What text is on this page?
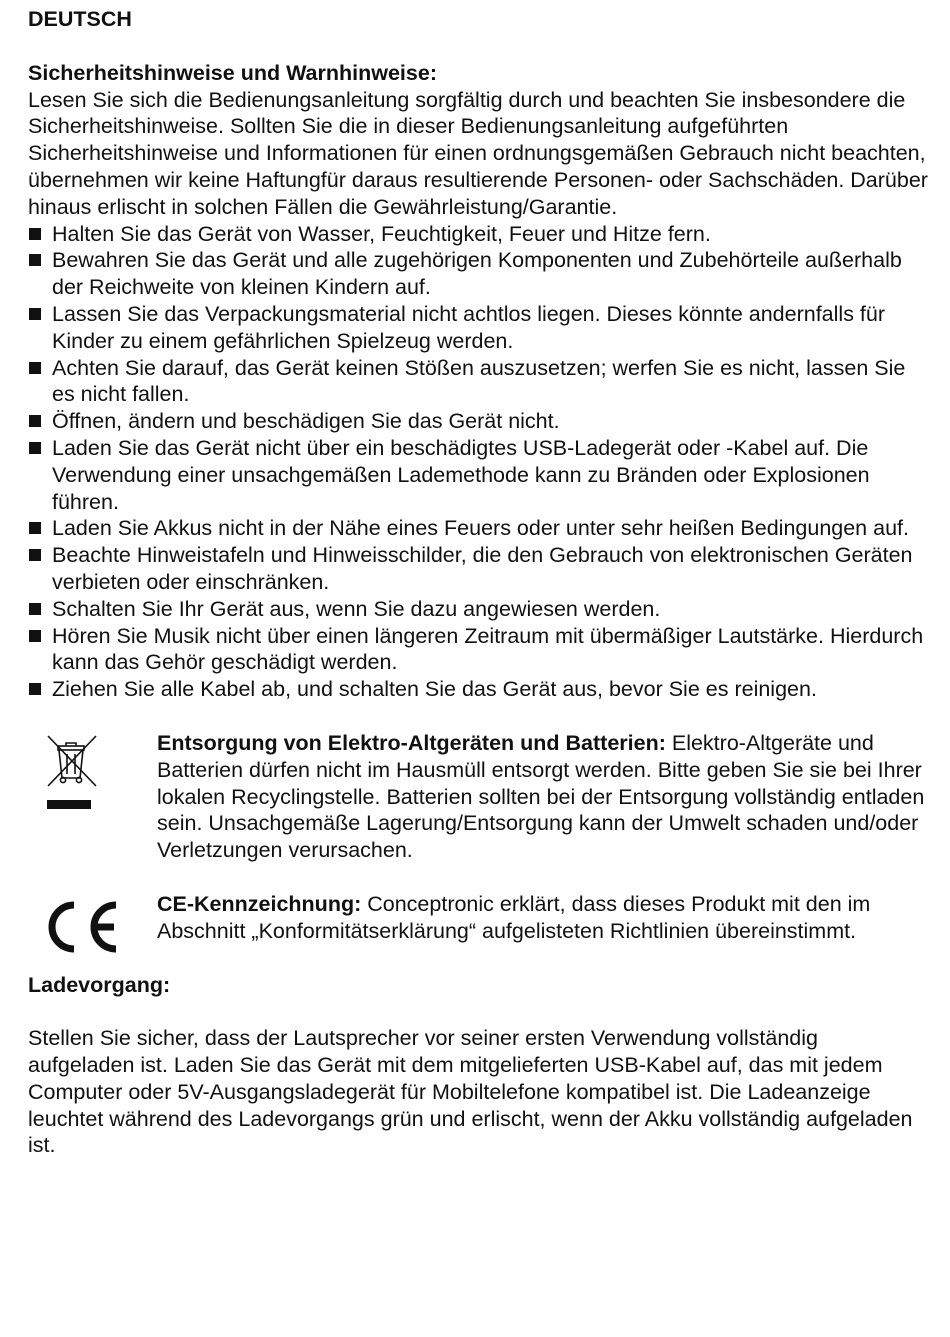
DEUTSCH
Sicherheitshinweise und Warnhinweise:

Lesen Sie sich die Bedienungsanleitung sorgfältig durch und beachten Sie insbesondere die Sicherheitshinweise. Sollten Sie die in dieser Bedienungsanleitung aufgeführten Sicherheitshinweise und Informationen für einen ordnungsgemäßen Gebrauch nicht beachten, übernehmen wir keine Haftungfür daraus resultierende Personen- oder Sachschäden. Darüber hinaus erlischt in solchen Fällen die Gewährleistung/Garantie.

Halten Sie das Gerät von Wasser, Feuchtigkeit, Feuer und Hitze fern.
Bewahren Sie das Gerät und alle zugehörigen Komponenten und Zubehörteile außerhalb der Reichweite von kleinen Kindern auf.
Lassen Sie das Verpackungsmaterial nicht achtlos liegen. Dieses könnte andernfalls für Kinder zu einem gefährlichen Spielzeug werden.
Achten Sie darauf, das Gerät keinen Stößen auszusetzen; werfen Sie es nicht, lassen Sie es nicht fallen.
Öffnen, ändern und beschädigen Sie das Gerät nicht.
Laden Sie das Gerät nicht über ein beschädigtes USB-Ladegerät oder -Kabel auf. Die Verwendung einer unsachgemäßen Lademethode kann zu Bränden oder Explosionen führen.
Laden Sie Akkus nicht in der Nähe eines Feuers oder unter sehr heißen Bedingungen auf.
Beachte Hinweistafeln und Hinweisschilder, die den Gebrauch von elektronischen Geräten verbieten oder einschränken.
Schalten Sie Ihr Gerät aus, wenn Sie dazu angewiesen werden.
Hören Sie Musik nicht über einen längeren Zeitraum mit übermäßiger Lautstärke. Hierdurch kann das Gehör geschädigt werden.
Ziehen Sie alle Kabel ab, und schalten Sie das Gerät aus, bevor Sie es reinigen.

Entsorgung von Elektro-Altgeräten und Batterien: Elektro-Altgeräte und Batterien dürfen nicht im Hausmüll entsorgt werden. Bitte geben Sie sie bei Ihrer lokalen Recyclingstelle. Batterien sollten bei der Entsorgung vollständig entladen sein. Unsachgemäße Lagerung/Entsorgung kann der Umwelt schaden und/oder Verletzungen verursachen.

CE-Kennzeichnung: Conceptronic erklärt, dass dieses Produkt mit den im Abschnitt „Konformitätserklärung“ aufgelisteten Richtlinien übereinstimmt.

Ladevorgang:

Stellen Sie sicher, dass der Lautsprecher vor seiner ersten Verwendung vollständig aufgeladen ist. Laden Sie das Gerät mit dem mitgelieferten USB-Kabel auf, das mit jedem Computer oder 5V-Ausgangsladegerät für Mobiltelefone kompatibel ist. Die Ladeanzeige leuchtet während des Ladevorgangs grün und erlischt, wenn der Akku vollständig aufgeladen ist.
